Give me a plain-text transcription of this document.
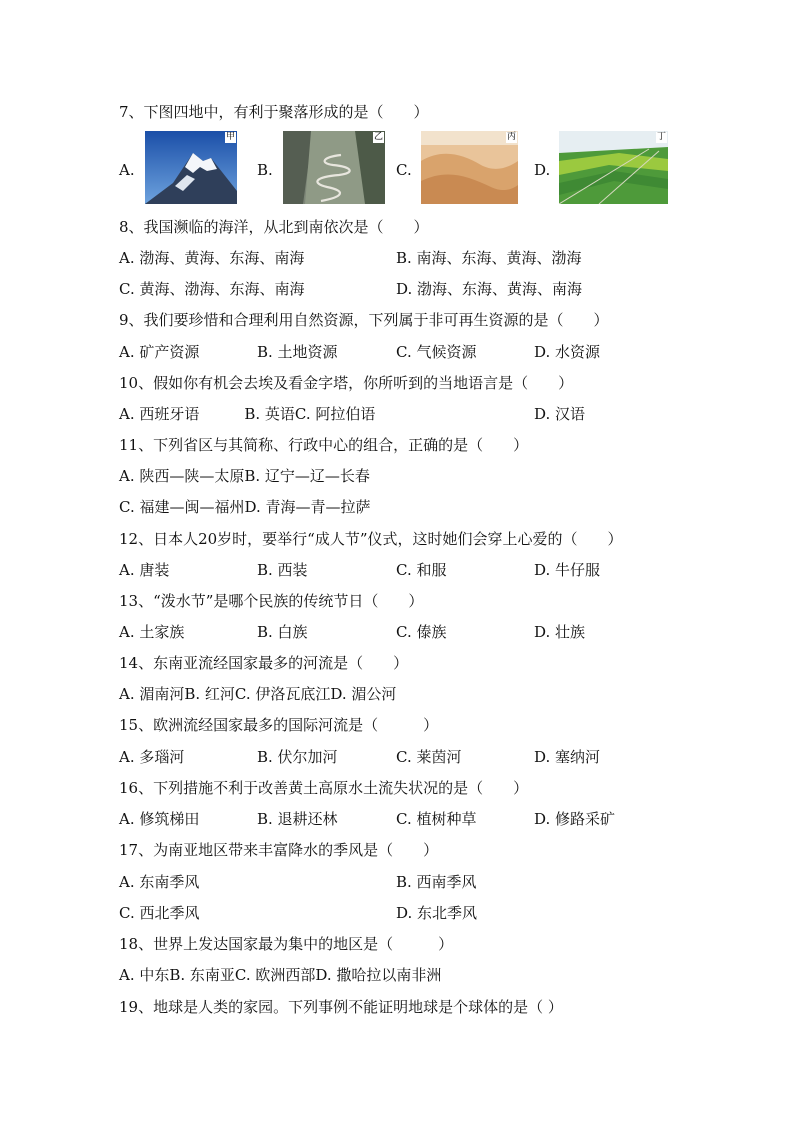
7、下图四地中，有利于聚落形成的是（　　）
A.
甲
B.
乙
C.
丙
D.
丁
8、我国濒临的海洋，从北到南依次是（　　）
A. 渤海、黄海、东海、南海	B. 南海、东海、黄海、渤海
C. 黄海、渤海、东海、南海	D. 渤海、东海、黄海、南海
9、我们要珍惜和合理利用自然资源，下列属于非可再生资源的是（　　）
A. 矿产资源	B. 土地资源	C. 气候资源	D. 水资源
10、假如你有机会去埃及看金字塔，你所听到的当地语言是（　　）
A. 西班牙语　　　B. 英语C. 阿拉伯语	D. 汉语
11、下列省区与其简称、行政中心的组合，正确的是（　　）
A. 陕西—陕—太原B. 辽宁—辽—长春
C. 福建—闽—福州D. 青海—青—拉萨
12、日本人20岁时，要举行“成人节”仪式，这时她们会穿上心爱的（　　）
A. 唐装	B. 西装	C. 和服	D. 牛仔服
13、“泼水节”是哪个民族的传统节日（　　）
A. 土家族	B. 白族	C. 傣族	D. 壮族
14、东南亚流经国家最多的河流是（　　）
A. 湄南河B. 红河C. 伊洛瓦底江D. 湄公河
15、欧洲流经国家最多的国际河流是（　　　）
A. 多瑙河	B. 伏尔加河	C. 莱茵河	D. 塞纳河
16、下列措施不利于改善黄土高原水土流失状况的是（　　）
A. 修筑梯田	B. 退耕还林	C. 植树种草	D. 修路采矿
17、为南亚地区带来丰富降水的季风是（　　）
A. 东南季风	B. 西南季风
C. 西北季风	D. 东北季风
18、世界上发达国家最为集中的地区是（　　　）
A. 中东B. 东南亚C. 欧洲西部D. 撒哈拉以南非洲
19、地球是人类的家园。下列事例不能证明地球是个球体的是（ ）
